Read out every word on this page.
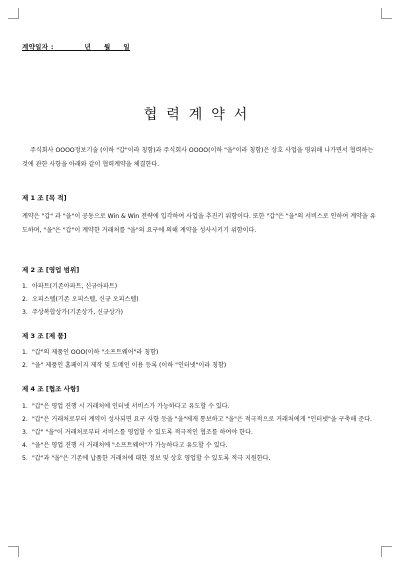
계약일자 :	년 월 일
협력계약서

주식회사 OOOO정보기술 (이하 "갑"이라 칭함)과 주식회사 OOOO(이하 "을"이라 칭함)은 상호 사업을 영위해 나가면서 협력하는 것에 관한 사항을 아래와 같이 협력계약을 체결한다.

제 1 조 [목 적]

계약은 "갑" 과 "을"이 공동으로 Win & Win 전략에 입각하여 사업을 추진키 위함이다. 또한 "갑"은 "을"의 서비스로 인하여 계약을 유도하며, "을"은 "갑"이 계약한 거래처를 "을"의 요구에 의해 계약을 성사시키기 위함이다.

제 2 조 [영업 범위]
1. 아파트(기존아파트, 신규아파트)
2. 오피스텔(기존 오피스텔, 신규 오피스텔)
3. 주상복합상가(기존상가, 신규상가)
제 3 조 [제 품]
1. "갑"의 제품인 OOO(이하 "소프트웨어"라 칭함)
2. "을" 제품인 홈페이지 제작 및 도메인 이용 등록 (이하 "인터넷"이라 칭함)
제 4 조 [협조 사항]
1. "갑"은 영업 진행 시 거래처에 인터넷 서비스가 가능하다고 유도할 수 있다.
2. "갑"은 거래처로부터 계약이 성사되면 요구 사항 등을 "을"에게 통보하고 "을"은 적극적으로 거래처에게 "인터넷"을 구축해 준다.
3. "갑" "을"이 거래처로부터 서비스를 영업할 수 있도록 적극적인 협조를 하여야 한다.
4. "을"은 영업 진행 시 거래처에 "소프트웨어"가 가능하다고 유도할 수 있다.
5. "갑"과 "을"은 기존에 납품한 거래처에 대한 정보 및 상호 영업할 수 있도록 적극 지원한다.
